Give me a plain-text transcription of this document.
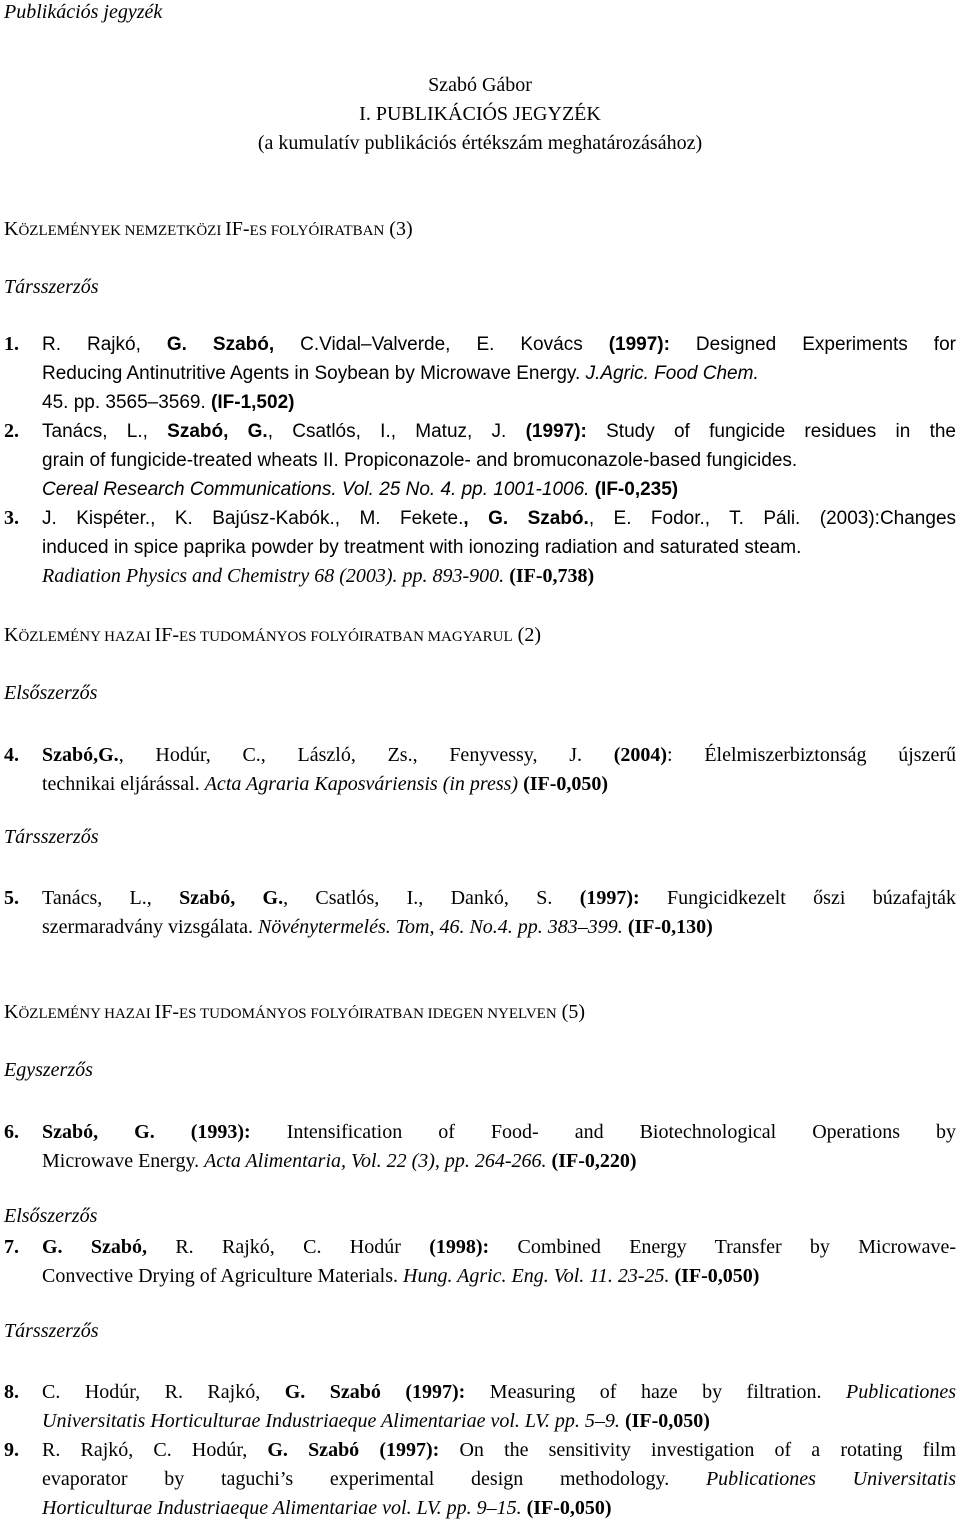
Publikációs jegyzék

Szabó Gábor

I. PUBLIKÁCIÓS JEGYZÉK

(a kumulatív publikációs értékszám meghatározásához)

KÖZLEMÉNYEK NEMZETKÖZI IF-ES FOLYÓIRATBAN (3)

Társszerzős

1. R. Rajkó, G. Szabó, C.Vidal–Valverde, E. Kovács (1997): Designed Experiments for
Reducing Antinutritive Agents in Soybean by Microwave Energy. J.Agric. Food Chem.
45. pp. 3565–3569. (IF-1,502)
2. Tanács, L., Szabó, G., Csatlós, I., Matuz, J. (1997): Study of fungicide residues in the
grain of fungicide-treated wheats II. Propiconazole- and bromuconazole-based fungicides.
Cereal Research Communications. Vol. 25 No. 4. pp. 1001-1006. (IF-0,235)
3. J. Kispéter., K. Bajúsz-Kabók., M. Fekete., G. Szabó., E. Fodor., T. Páli. (2003):Changes
induced in spice paprika powder by treatment with ionozing radiation and saturated steam.
Radiation Physics and Chemistry 68 (2003). pp. 893-900. (IF-0,738)

KÖZLEMÉNY HAZAI IF-ES TUDOMÁNYOS FOLYÓIRATBAN MAGYARUL (2)

Elsőszerzős

4. Szabó,G., Hodúr, C., László, Zs., Fenyvessy, J. (2004): Élelmiszerbiztonság újszerű
technikai eljárással. Acta Agraria Kaposváriensis (in press) (IF-0,050)

Társszerzős

5. Tanács, L., Szabó, G., Csatlós, I., Dankó, S. (1997): Fungicidkezelt őszi búzafajták
szermaradvány vizsgálata. Növénytermelés. Tom, 46. No.4. pp. 383–399. (IF-0,130)

KÖZLEMÉNY HAZAI IF-ES TUDOMÁNYOS FOLYÓIRATBAN IDEGEN NYELVEN (5)

Egyszerzős

6. Szabó, G. (1993): Intensification of Food- and Biotechnological Operations by
Microwave Energy. Acta Alimentaria, Vol. 22 (3), pp. 264-266. (IF-0,220)

Elsőszerzős

7. G. Szabó, R. Rajkó, C. Hodúr (1998): Combined Energy Transfer by Microwave-
Convective Drying of Agriculture Materials. Hung. Agric. Eng. Vol. 11. 23-25. (IF-0,050)

Társszerzős

8. C. Hodúr, R. Rajkó, G. Szabó (1997): Measuring of haze by filtration. Publicationes
Universitatis Horticulturae Industriaeque Alimentariae vol. LV. pp. 5–9. (IF-0,050)
9. R. Rajkó, C. Hodúr, G. Szabó (1997): On the sensitivity investigation of a rotating film
evaporator by taguchi’s experimental design methodology. Publicationes Universitatis
Horticulturae Industriaeque Alimentariae vol. LV. pp. 9–15. (IF-0,050)
